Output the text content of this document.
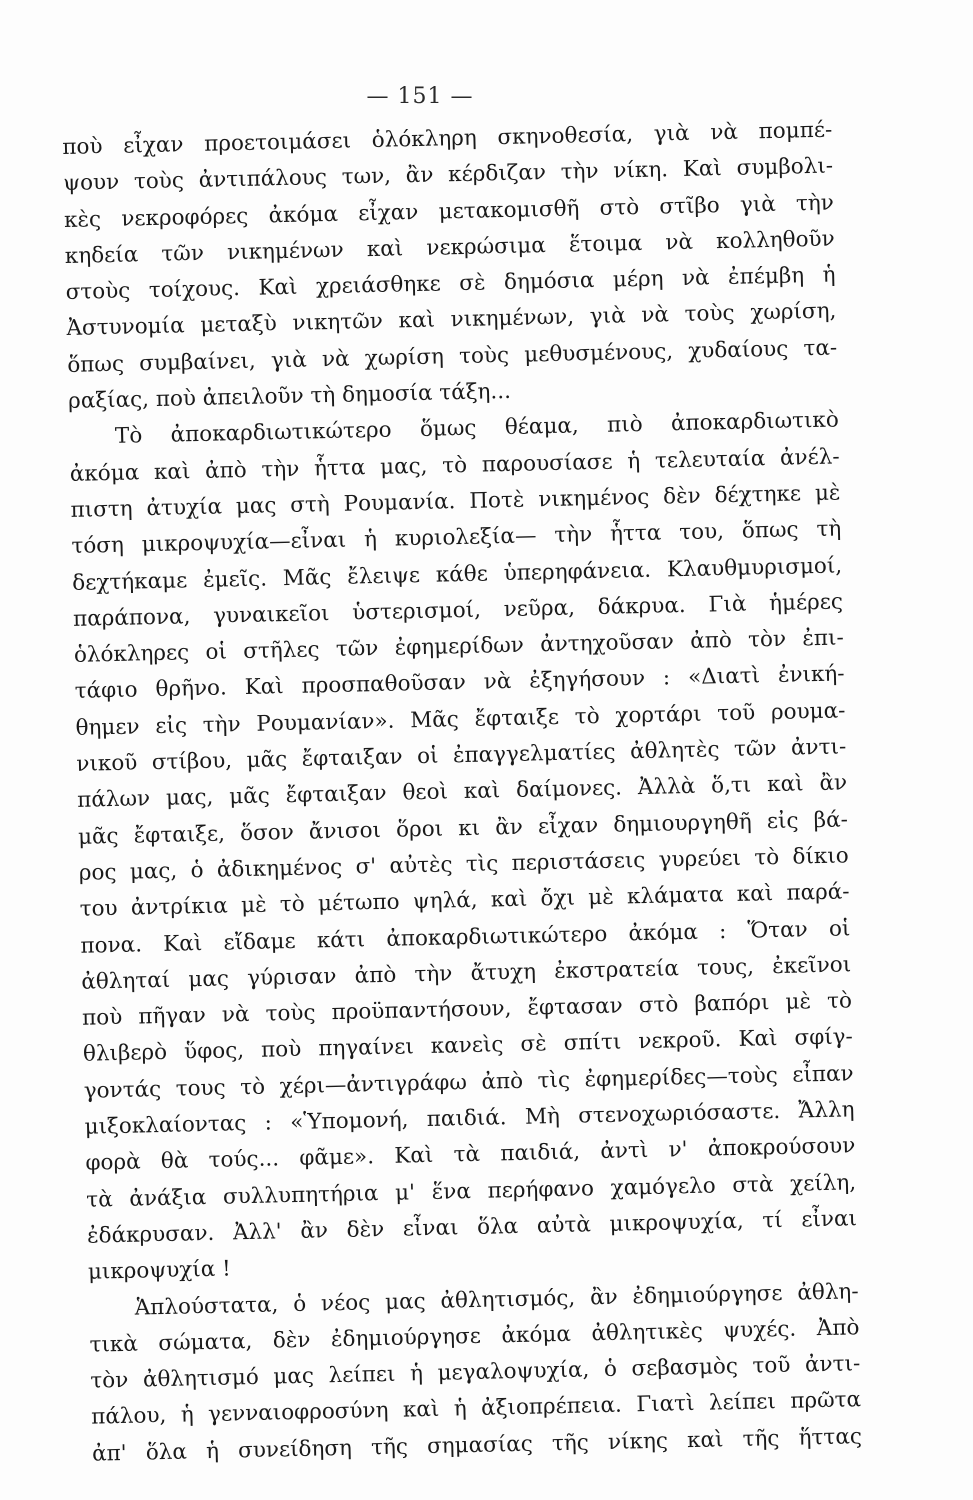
— 151 —
ποὺ εἶχαν προετοιμάσει ὁλόκληρη σκηνοθεσία, γιὰ νὰ πομπέ-
ψουν τοὺς ἀντιπάλους των, ἂν κέρδιζαν τὴν νίκη. Καὶ συμβολι-
κὲς νεκροφόρες ἀκόμα εἶχαν μετακομισθῆ στὸ στῖβο γιὰ τὴν
κηδεία τῶν νικημένων καὶ νεκρώσιμα ἕτοιμα νὰ κολληθοῦν
στοὺς τοίχους. Καὶ χρειάσθηκε σὲ δημόσια μέρη νὰ ἐπέμβη ἡ
Ἀστυνομία μεταξὺ νικητῶν καὶ νικημένων, γιὰ νὰ τοὺς χωρίση,
ὅπως συμβαίνει, γιὰ νὰ χωρίση τοὺς μεθυσμένους, χυδαίους τα-
ραξίας, ποὺ ἀπειλοῦν τὴ δημοσία τάξη...
Τὸ ἀποκαρδιωτικώτερο ὅμως θέαμα, πιὸ ἀποκαρδιωτικὸ
ἀκόμα καὶ ἀπὸ τὴν ἧττα μας, τὸ παρουσίασε ἡ τελευταία ἀνέλ-
πιστη ἀτυχία μας στὴ Ρουμανία. Ποτὲ νικημένος δὲν δέχτηκε μὲ
τόση μικροψυχία—εἶναι ἡ κυριολεξία— τὴν ἧττα του, ὅπως τὴ
δεχτήκαμε ἐμεῖς. Μᾶς ἔλειψε κάθε ὑπερηφάνεια. Κλαυθμυρισμοί,
παράπονα, γυναικεῖοι ὑστερισμοί, νεῦρα, δάκρυα. Γιὰ ἡμέρες
ὁλόκληρες οἱ στῆλες τῶν ἐφημερίδων ἀντηχοῦσαν ἀπὸ τὸν ἐπι-
τάφιο θρῆνο. Καὶ προσπαθοῦσαν νὰ ἐξηγήσουν : «Διατὶ ἐνική-
θημεν εἰς τὴν Ρουμανίαν». Μᾶς ἔφταιξε τὸ χορτάρι τοῦ ρουμα-
νικοῦ στίβου, μᾶς ἔφταιξαν οἱ ἐπαγγελματίες ἀθλητὲς τῶν ἀντι-
πάλων μας, μᾶς ἔφταιξαν θεοὶ καὶ δαίμονες. Ἀλλὰ ὅ,τι καὶ ἂν
μᾶς ἔφταιξε, ὅσον ἄνισοι ὅροι κι ἂν εἶχαν δημιουργηθῆ εἰς βά-
ρος μας, ὁ ἀδικημένος σ' αὐτὲς τὶς περιστάσεις γυρεύει τὸ δίκιο
του ἀντρίκια μὲ τὸ μέτωπο ψηλά, καὶ ὄχι μὲ κλάματα καὶ παρά-
πονα. Καὶ εἴδαμε κάτι ἀποκαρδιωτικώτερο ἀκόμα : Ὅταν οἱ
ἀθληταί μας γύρισαν ἀπὸ τὴν ἄτυχη ἐκστρατεία τους, ἐκεῖνοι
ποὺ πῆγαν νὰ τοὺς προϋπαντήσουν, ἔφτασαν στὸ βαπόρι μὲ τὸ
θλιβερὸ ὕφος, ποὺ πηγαίνει κανεὶς σὲ σπίτι νεκροῦ. Καὶ σφίγ-
γοντάς τους τὸ χέρι—ἀντιγράφω ἀπὸ τὶς ἐφημερίδες—τοὺς εἶπαν
μιξοκλαίοντας : «Ὑπομονή, παιδιά. Μὴ στενοχωριόσαστε. Ἄλλη
φορὰ θὰ τούς... φᾶμε». Καὶ τὰ παιδιά, ἀντὶ ν' ἀποκρούσουν
τὰ ἀνάξια συλλυπητήρια μ' ἕνα περήφανο χαμόγελο στὰ χείλη,
ἐδάκρυσαν. Ἀλλ' ἂν δὲν εἶναι ὅλα αὐτὰ μικροψυχία, τί εἶναι
μικροψυχία !
Ἁπλούστατα, ὁ νέος μας ἀθλητισμός, ἂν ἐδημιούργησε ἀθλη-
τικὰ σώματα, δὲν ἐδημιούργησε ἀκόμα ἀθλητικὲς ψυχές. Ἀπὸ
τὸν ἀθλητισμό μας λείπει ἡ μεγαλοψυχία, ὁ σεβασμὸς τοῦ ἀντι-
πάλου, ἡ γενναιοφροσύνη καὶ ἡ ἀξιοπρέπεια. Γιατὶ λείπει πρῶτα
ἀπ' ὅλα ἡ συνείδηση τῆς σημασίας τῆς νίκης καὶ τῆς ἥττας
